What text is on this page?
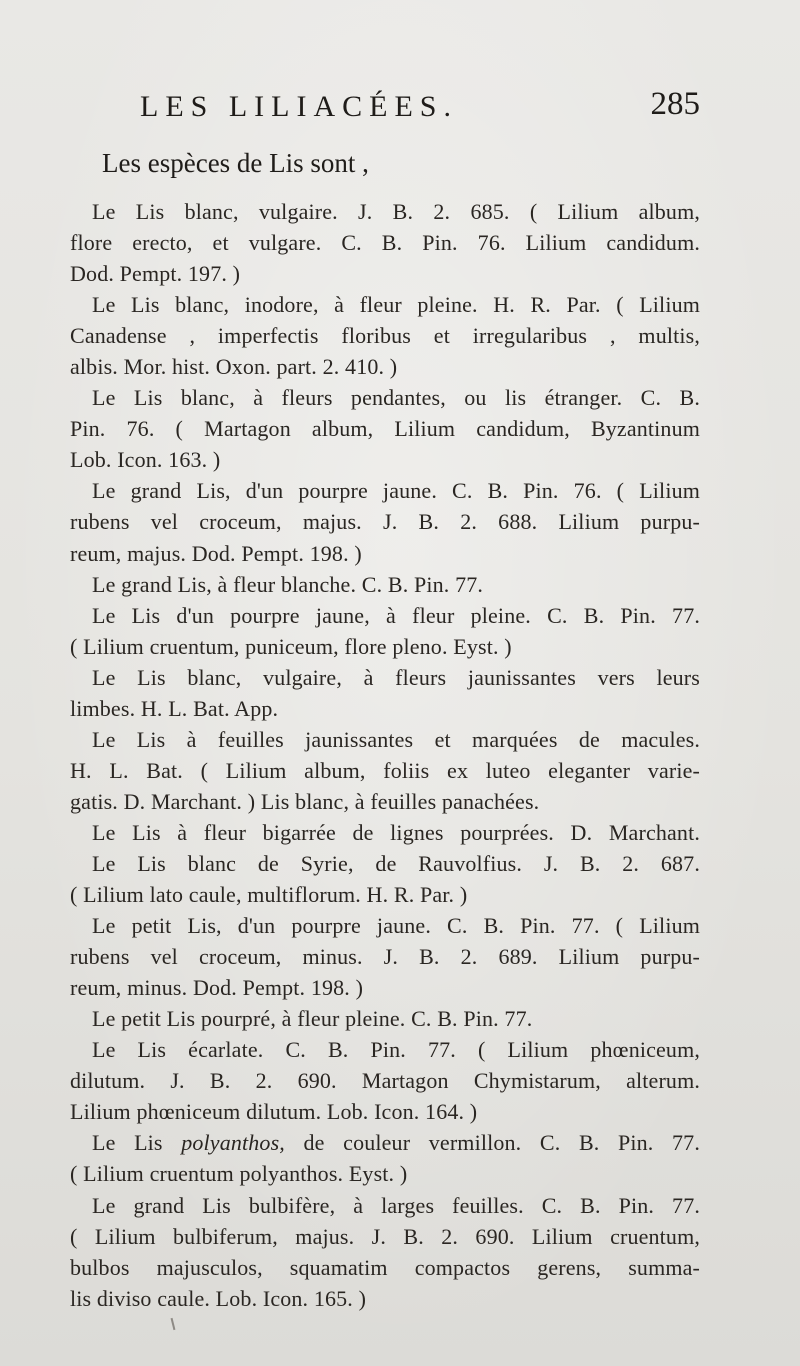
LES LILIACÉES.	285
Les espèces de Lis sont ,
Le Lis blanc, vulgaire. J. B. 2. 685. ( Lilium album,
flore erecto, et vulgare. C. B. Pin. 76. Lilium candidum.
Dod. Pempt. 197. )
Le Lis blanc, inodore, à fleur pleine. H. R. Par. ( Lilium
Canadense , imperfectis floribus et irregularibus , multis,
albis. Mor. hist. Oxon. part. 2. 410. )
Le Lis blanc, à fleurs pendantes, ou lis étranger. C. B.
Pin. 76. ( Martagon album, Lilium candidum, Byzantinum
Lob. Icon. 163. )
Le grand Lis, d'un pourpre jaune. C. B. Pin. 76. ( Lilium
rubens vel croceum, majus. J. B. 2. 688. Lilium purpu-
reum, majus. Dod. Pempt. 198. )
Le grand Lis, à fleur blanche. C. B. Pin. 77.
Le Lis d'un pourpre jaune, à fleur pleine. C. B. Pin. 77.
( Lilium cruentum, puniceum, flore pleno. Eyst. )
Le Lis blanc, vulgaire, à fleurs jaunissantes vers leurs
limbes. H. L. Bat. App.
Le Lis à feuilles jaunissantes et marquées de macules.
H. L. Bat. ( Lilium album, foliis ex luteo eleganter varie-
gatis. D. Marchant. ) Lis blanc, à feuilles panachées.
Le Lis à fleur bigarrée de lignes pourprées. D. Marchant.
Le Lis blanc de Syrie, de Rauvolfius. J. B. 2. 687.
( Lilium lato caule, multiflorum. H. R. Par. )
Le petit Lis, d'un pourpre jaune. C. B. Pin. 77. ( Lilium
rubens vel croceum, minus. J. B. 2. 689. Lilium purpu-
reum, minus. Dod. Pempt. 198. )
Le petit Lis pourpré, à fleur pleine. C. B. Pin. 77.
Le Lis écarlate. C. B. Pin. 77. ( Lilium phœniceum,
dilutum. J. B. 2. 690. Martagon Chymistarum, alterum.
Lilium phœniceum dilutum. Lob. Icon. 164. )
Le Lis polyanthos, de couleur vermillon. C. B. Pin. 77.
( Lilium cruentum polyanthos. Eyst. )
Le grand Lis bulbifère, à larges feuilles. C. B. Pin. 77.
( Lilium bulbiferum, majus. J. B. 2. 690. Lilium cruentum,
bulbos majusculos, squamatim compactos gerens, summa-
lis diviso caule. Lob. Icon. 165. )
